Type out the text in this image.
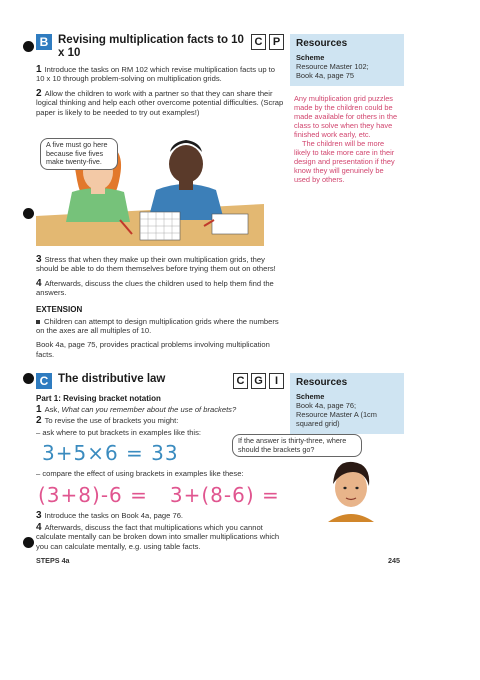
B Revising multiplication facts to 10 x 10
C P

1 Introduce the tasks on RM 102 which revise multiplication facts up to 10 x 10 through problem-solving on multiplication grids.

2 Allow the children to work with a partner so that they can share their logical thinking and help each other overcome potential difficulties. (Scrap paper is likely to be needed to try out examples!)

A five must go here because five fives make twenty-five.

3 Stress that when they make up their own multiplication grids, they should be able to do them themselves before trying them out on others!

4 Afterwards, discuss the clues the children used to help them find the answers.

EXTENSION

Children can attempt to design multiplication grids where the numbers on the axes are all multiples of 10.

Book 4a, page 75, provides practical problems involving multiplication facts.

Resources
Scheme
Resource Master 102;
Book 4a, page 75
Any multiplication grid puzzles made by the children could be made available for others in the class to solve when they have finished work early, etc.
The children will be more likely to take more care in their design and presentation if they know they will genuinely be used by others.
C The distributive law	C G	I
Part 1: Revising bracket notation

1 Ask, What can you remember about the use of brackets?

2 To revise the use of brackets you might:

– ask where to put brackets in examples like this:
3+5×6 = 33
– compare the effect of using brackets in examples like these:
(3+8)-6 = 3+(8-6) =

3 Introduce the tasks on Book 4a, page 76.

4 Afterwards, discuss the fact that multiplications which you cannot calculate mentally can be broken down into smaller multiplications which you can calculate mentally, e.g. using table facts.

Resources
Scheme
Book 4a, page 76;
Resource Master A (1cm squared grid)
If the answer is thirty-three, where should the brackets go?
STEPS 4a	245
